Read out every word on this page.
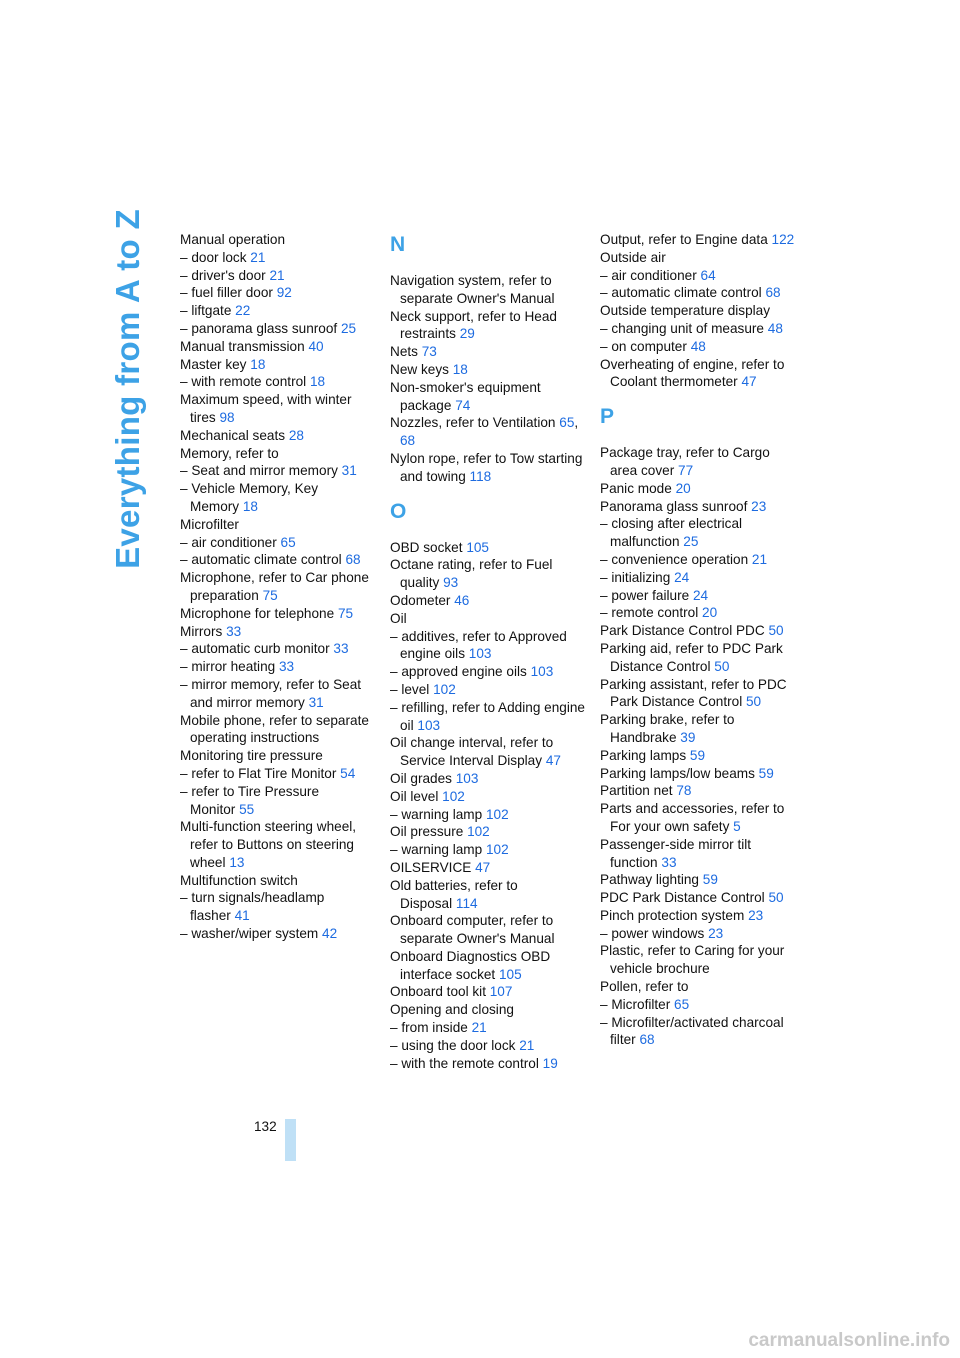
Everything from A to Z	Manual operation
– door lock 21
– driver's door 21
– fuel filler door 92
– liftgate 22
– panorama glass sunroof 25
Manual transmission 40
Master key 18
– with remote control 18
Maximum speed, with winter tires 98
Mechanical seats 28
Memory, refer to
– Seat and mirror memory 31
– Vehicle Memory, Key Memory 18
Microfilter
– air conditioner 65
– automatic climate control 68
Microphone, refer to Car phone preparation 75
Microphone for telephone 75
Mirrors 33
– automatic curb monitor 33
– mirror heating 33
– mirror memory, refer to Seat and mirror memory 31
Mobile phone, refer to separate operating instructions
Monitoring tire pressure
– refer to Flat Tire Monitor 54
– refer to Tire Pressure Monitor 55
Multi-function steering wheel, refer to Buttons on steering wheel 13
Multifunction switch
– turn signals/headlamp flasher 41
– washer/wiper system 42
N
Navigation system, refer to separate Owner's Manual
Neck support, refer to Head restraints 29
Nets 73
New keys 18
Non-smoker's equipment package 74
Nozzles, refer to Ventilation 65, 68
Nylon rope, refer to Tow starting and towing 118
O
OBD socket 105
Octane rating, refer to Fuel quality 93
Odometer 46
Oil
– additives, refer to Approved engine oils 103
– approved engine oils 103
– level 102
– refilling, refer to Adding engine oil 103
Oil change interval, refer to Service Interval Display 47
Oil grades 103
Oil level 102
– warning lamp 102
Oil pressure 102
– warning lamp 102
OILSERVICE 47
Old batteries, refer to Disposal 114
Onboard computer, refer to separate Owner's Manual
Onboard Diagnostics OBD interface socket 105
Onboard tool kit 107
Opening and closing
– from inside 21
– using the door lock 21
– with the remote control 19
Output, refer to Engine data 122
Outside air
– air conditioner 64
– automatic climate control 68
Outside temperature display
– changing unit of measure 48
– on computer 48
Overheating of engine, refer to Coolant thermometer 47
P
Package tray, refer to Cargo area cover 77
Panic mode 20
Panorama glass sunroof 23
– closing after electrical malfunction 25
– convenience operation 21
– initializing 24
– power failure 24
– remote control 20
Park Distance Control PDC 50
Parking aid, refer to PDC Park Distance Control 50
Parking assistant, refer to PDC Park Distance Control 50
Parking brake, refer to Handbrake 39
Parking lamps 59
Parking lamps/low beams 59
Partition net 78
Parts and accessories, refer to For your own safety 5
Passenger-side mirror tilt function 33
Pathway lighting 59
PDC Park Distance Control 50
Pinch protection system 23
– power windows 23
Plastic, refer to Caring for your vehicle brochure
Pollen, refer to
– Microfilter 65
– Microfilter/activated charcoal filter 68
132
carmanualsonline.info
